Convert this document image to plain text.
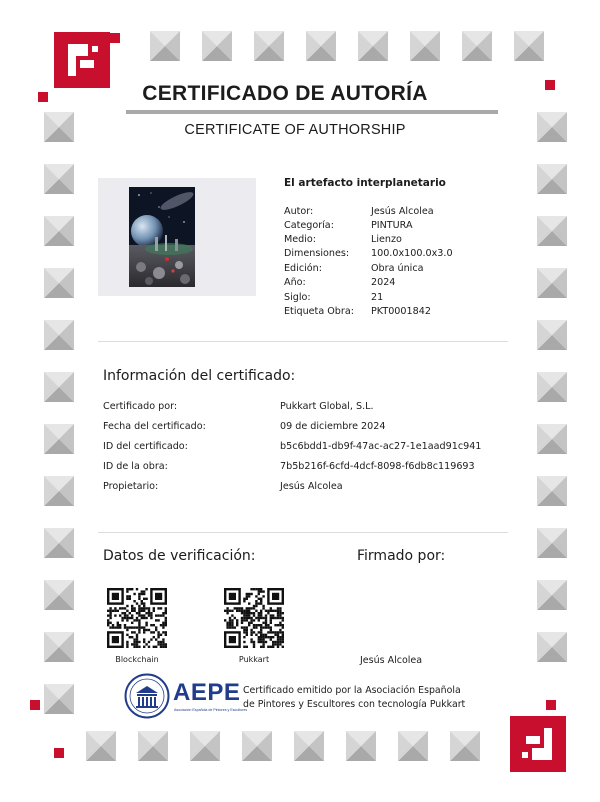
CERTIFICADO DE AUTORÍA
CERTIFICATE OF AUTHORSHIP
El artefacto interplanetario
Autor:	Jesús Alcolea
Categoría:	PINTURA
Medio:	Lienzo
Dimensiones:	100.0x100.0x3.0
Edición:	Obra única
Año:	2024
Siglo:	21
Etiqueta Obra:	PKT0001842
Información del certificado:
Certificado por:	Pukkart Global, S.L.
Fecha del certificado:	09 de diciembre 2024
ID del certificado:	b5c6bdd1-db9f-47ac-ac27-1e1aad91c941
ID de la obra:	7b5b216f-6cfd-4dcf-8098-f6db8c119693
Propietario:	Jesús Alcolea
Datos de verificación:	Firmado por:
Blockchain	Pukkart	Jesús Alcolea
AEPE
Asociación Española de Pintores y Escultores
Certificado emitido por la Asociación Española
de Pintores y Escultores con tecnología Pukkart
